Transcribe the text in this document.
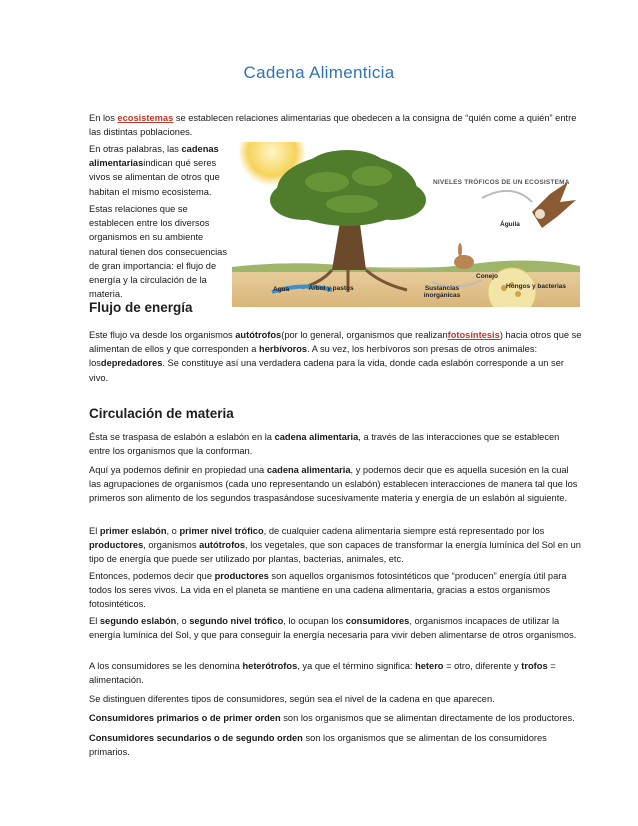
Cadena Alimenticia

En los ecosistemas se establecen relaciones alimentarias que obedecen a la consigna de “quién come a quién” entre las distintas poblaciones.

En otras palabras, las cadenas alimentariasindican qué seres vivos se alimentan de otros que habitan el mismo ecosistema.

Estas relaciones que se establecen entre los diversos organismos en su ambiente natural tienen dos consecuencias de gran importancia: el flujo de energía y la circulación de la materia.

NIVELES TRÓFICOS DE UN ECOSISTEMA
Águila
Conejo
Árbol y pastos	Hongos y bacterias
Agua	Sustancias inorgánicas
Flujo de energía

Este flujo va desde los organismos autótrofos(por lo general, organismos que realizanfotosíntesis) hacia otros que se alimentan de ellos y que corresponden a herbívoros. A su vez, los herbívoros son presas de otros animales: losdepredadores. Se constituye así una verdadera cadena para la vida, donde cada eslabón corresponde a un ser vivo.

Circulación de materia

Ésta se traspasa de eslabón a eslabón en la cadena alimentaria, a través de las interacciones que se establecen entre los organismos que la conforman.

Aquí ya podemos definir en propiedad una cadena alimentaria, y podemos decir que es aquella sucesión en la cual las agrupaciones de organismos (cada uno representando un eslabón) establecen interacciones de manera tal que los primeros son alimento de los segundos traspasándose sucesivamente materia y energía de un eslabón al siguiente.

El primer eslabón, o primer nivel trófico, de cualquier cadena alimentaria siempre está representado por los productores, organismos autótrofos, los vegetales, que son capaces de transformar la energía lumínica del Sol en un tipo de energía que puede ser utilizado por plantas, bacterias, animales, etc.

Entonces, podemos decir que productores son aquellos organismos fotosintéticos que “producen” energía útil para todos los seres vivos. La vida en el planeta se mantiene en una cadena alimentaria, gracias a estos organismos fotosintéticos.

El segundo eslabón, o segundo nivel trófico, lo ocupan los consumidores, organismos incapaces de utilizar la energía lumínica del Sol, y que para conseguir la energía necesaria para vivir deben alimentarse de otros organismos.

A los consumidores se les denomina heterótrofos, ya que el término significa: hetero = otro, diferente y trofos = alimentación.

Se distinguen diferentes tipos de consumidores, según sea el nivel de la cadena en que aparecen.

Consumidores primarios o de primer orden son los organismos que se alimentan directamente de los productores.

Consumidores secundarios o de segundo orden son los organismos que se alimentan de los consumidores primarios.
